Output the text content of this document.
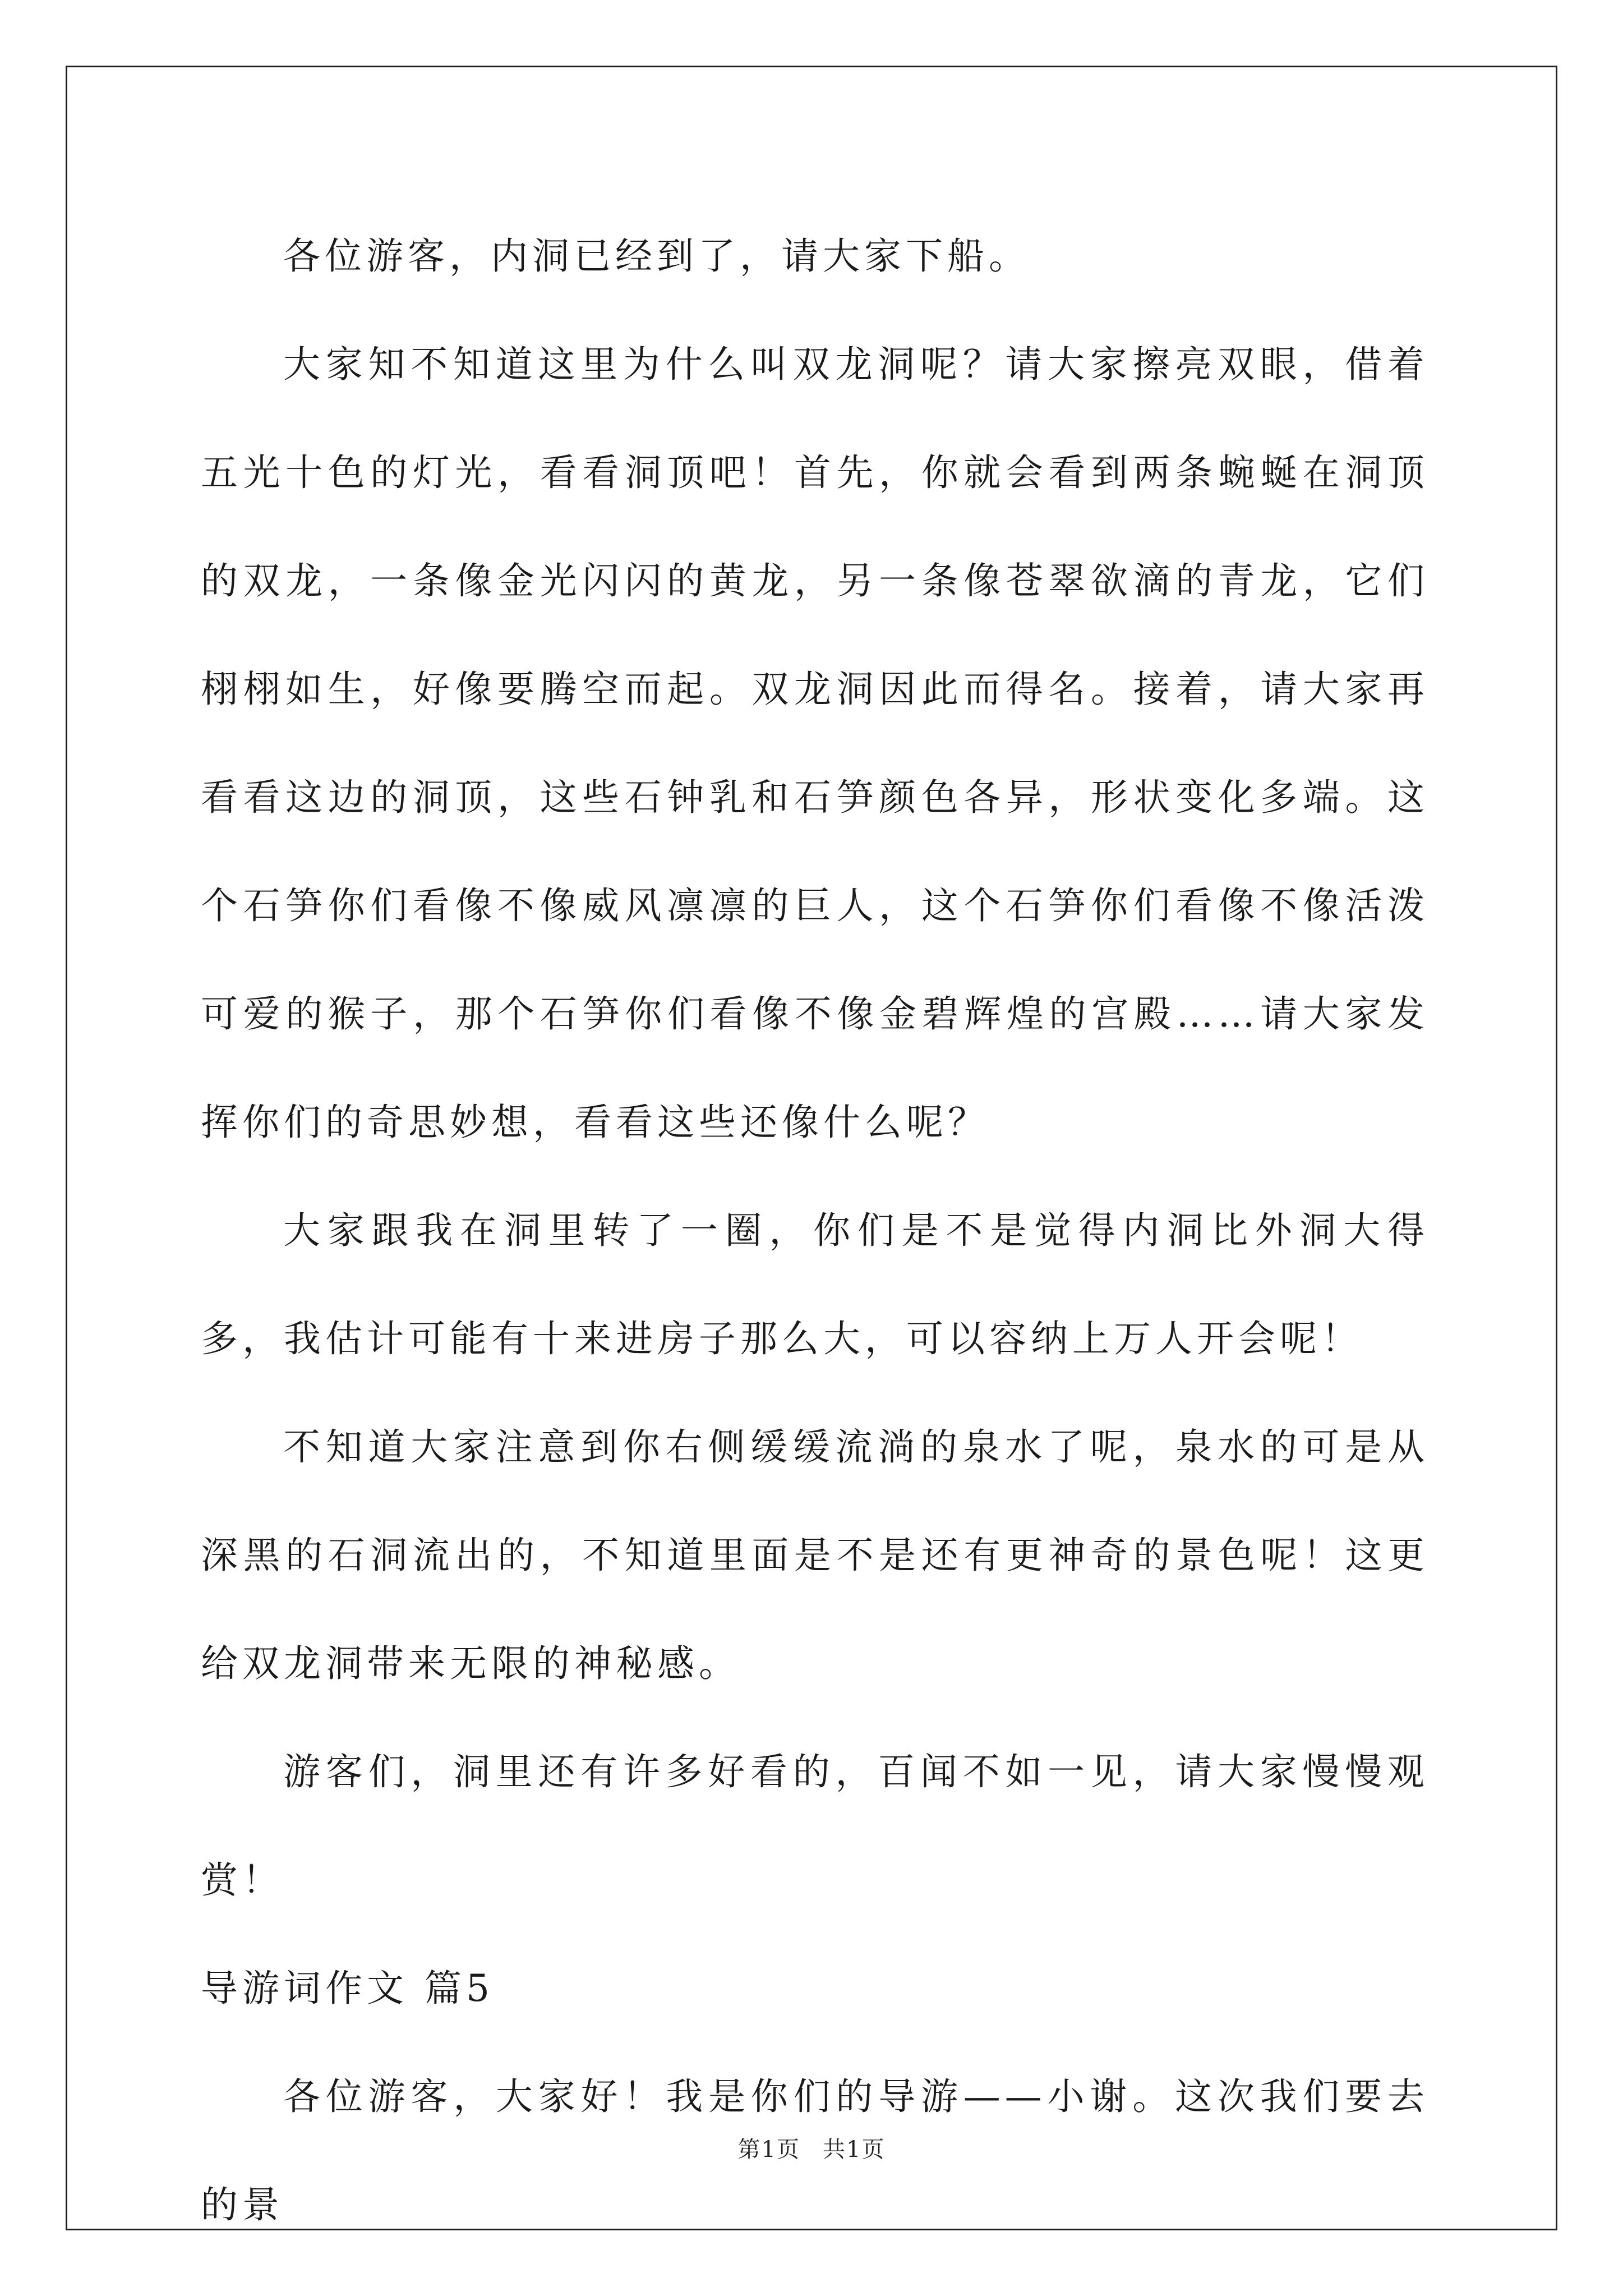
各位游客，内洞已经到了，请大家下船。

大家知不知道这里为什么叫双龙洞呢？请大家擦亮双眼，借着五光十色的灯光，看看洞顶吧！首先，你就会看到两条蜿蜒在洞顶的双龙，一条像金光闪闪的黄龙，另一条像苍翠欲滴的青龙，它们栩栩如生，好像要腾空而起。双龙洞因此而得名。接着，请大家再看看这边的洞顶，这些石钟乳和石笋颜色各异，形状变化多端。这个石笋你们看像不像威风凛凛的巨人，这个石笋你们看像不像活泼可爱的猴子，那个石笋你们看像不像金碧辉煌的宫殿……请大家发挥你们的奇思妙想，看看这些还像什么呢？

大家跟我在洞里转了一圈，你们是不是觉得内洞比外洞大得多，我估计可能有十来进房子那么大，可以容纳上万人开会呢！

不知道大家注意到你右侧缓缓流淌的泉水了呢，泉水的可是从深黑的石洞流出的，不知道里面是不是还有更神奇的景色呢！这更给双龙洞带来无限的神秘感。

游客们，洞里还有许多好看的，百闻不如一见，请大家慢慢观赏！

导游词作文 篇5

各位游客，大家好！我是你们的导游——小谢。这次我们要去的景

第1页 共1页
